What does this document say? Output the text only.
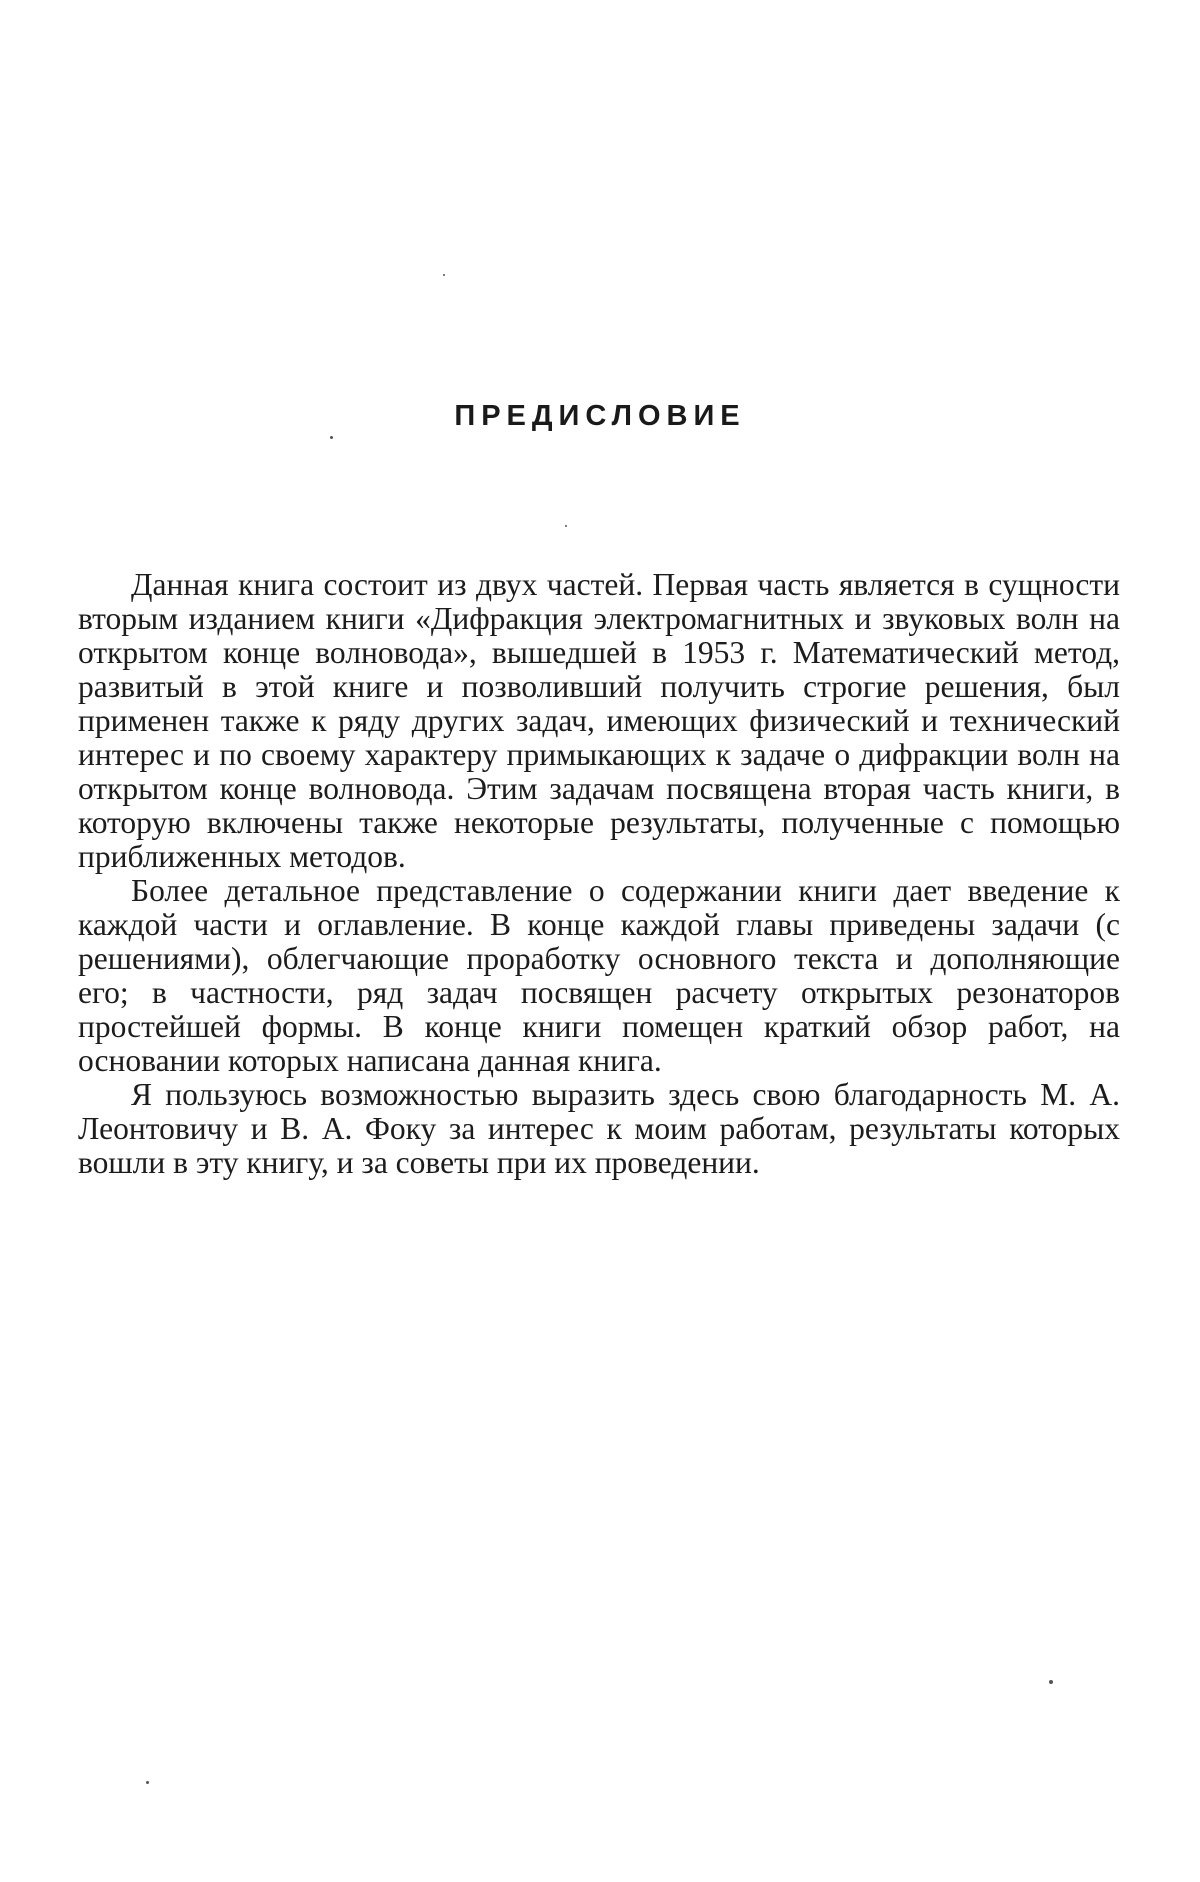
ПРЕДИСЛОВИЕ

Данная книга состоит из двух частей. Первая часть является в сущности вторым изданием книги «Дифракция электромагнитных и звуковых волн на открытом конце волновода», вышедшей в 1953 г. Математический метод, развитый в этой книге и позволивший получить строгие решения, был применен также к ряду других задач, имеющих физический и технический интерес и по своему характеру примыкающих к задаче о дифракции волн на открытом конце волновода. Этим задачам посвящена вторая часть книги, в которую включены также некоторые результаты, полученные с помощью приближенных методов.

Более детальное представление о содержании книги дает введение к каждой части и оглавление. В конце каждой главы приведены задачи (с решениями), облегчающие проработку основного текста и дополняющие его; в частности, ряд задач посвящен расчету открытых резонаторов простейшей формы. В конце книги помещен краткий обзор работ, на основании которых написана данная книга.

Я пользуюсь возможностью выразить здесь свою благодарность М. А. Леонтовичу и В. А. Фоку за интерес к моим работам, результаты которых вошли в эту книгу, и за советы при их проведении.
